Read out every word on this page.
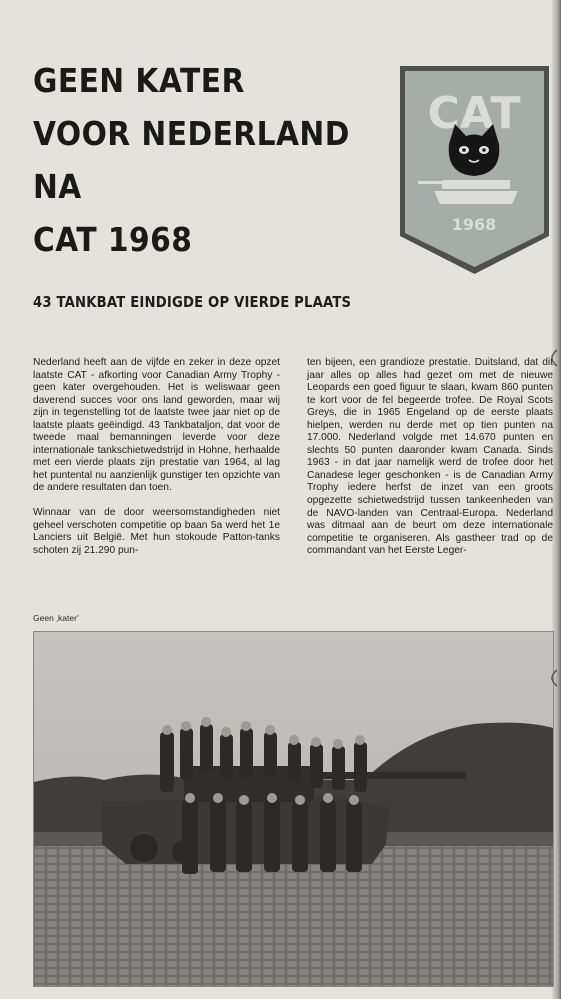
GEEN KATER
VOOR NEDERLAND
NA
CAT 1968
CAT
1968
43 TANKBAT EINDIGDE OP VIERDE PLAATS

Nederland heeft aan de vijfde en zeker in deze opzet laatste CAT - afkorting voor Canadian Army Trophy - geen kater overgehouden. Het is weliswaar geen daverend succes voor ons land geworden, maar wij zijn in tegenstelling tot de laatste twee jaar niet op de laatste plaats geëindigd. 43 Tankbataljon, dat voor de tweede maal bemanningen leverde voor deze internationale tankschietwedstrijd in Hohne, herhaalde met een vierde plaats zijn prestatie van 1964, al lag het puntental nu aanzienlijk gunstiger ten opzichte van de andere resultaten dan toen.

Winnaar van de door weersomstandigheden niet geheel verschoten competitie op baan 5a werd het 1e Lanciers uit België. Met hun stokoude Patton-tanks schoten zij 21.290 pun-

ten bijeen, een grandioze prestatie. Duitsland, dat dit jaar alles op alles had gezet om met de nieuwe Leopards een goed figuur te slaan, kwam 860 punten te kort voor de fel begeerde trofee. De Royal Scots Greys, die in 1965 Engeland op de eerste plaats hielpen, werden nu derde met op tien punten na 17.000. Nederland volgde met 14.670 punten en slechts 50 punten daaronder kwam Canada. Sinds 1963 - in dat jaar namelijk werd de trofee door het Canadese leger geschonken - is de Canadian Army Trophy iedere herfst de inzet van een groots opgezette schietwedstrijd tussen tankeenheden van de NAVO-landen van Centraal-Europa. Nederland was ditmaal aan de beurt om deze internationale competitie te organiseren. Als gastheer trad op de commandant van het Eerste Leger-

Geen ‚kater'
